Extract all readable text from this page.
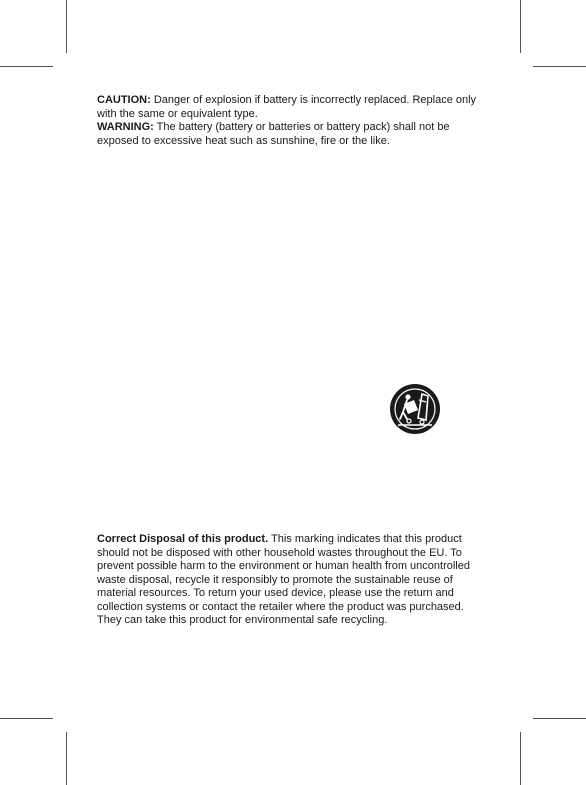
CAUTION: Danger of explosion if battery is incorrectly replaced. Replace only
with the same or equivalent type.
WARNING: The battery (battery or batteries or battery pack) shall not be
exposed to excessive heat such as sunshine, fire or the like.

Correct Disposal of this product. This marking indicates that this product
should not be disposed with other household wastes throughout the EU. To
prevent possible harm to the environment or human health from uncontrolled
waste disposal, recycle it responsibly to promote the sustainable reuse of
material resources. To return your used device, please use the return and
collection systems or contact the retailer where the product was purchased.
They can take this product for environmental safe recycling.
